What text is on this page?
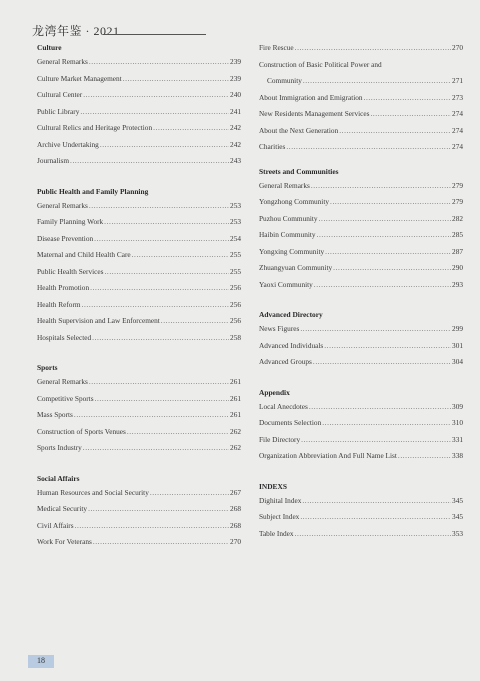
龙湾年鉴 · 2021
Culture
General Remarks .....	239
Culture Market Management .....	239
Cultural Center .....	240
Public Library .....	241
Cultural Relics and Heritage Protection .....	242
Archive Undertaking .....	242
Journalism .....	243
Public Health and Family Planning
General Remarks .....	253
Family Planning Work .....	253
Disease Prevention .....	254
Maternal and Child Health Care .....	255
Public Health Services .....	255
Health Promotion .....	256
Health Reform .....	256
Health Supervision and Law Enforcement .....	256
Hospitals Selected .....	258
Sports
General Remarks .....	261
Competitive Sports .....	261
Mass Sports .....	261
Construction of Sports Venues .....	262
Sports Industry .....	262
Social Affairs
Human Resources and Social Security .....	267
Medical Security .....	268
Civil Affairs .....	268
Work For Veterans .....	270
Fire Rescue .....	270
Construction of Basic Political Power and
Community .....	271
About Immigration and Emigration .....	273
New Residents Management Services .....	274
About the Next Generation .....	274
Charities .....	274
Streets and Communities
General Remarks .....	279
Yongzhong Community .....	279
Puzhou Community .....	282
Haibin Community .....	285
Yongxing Community .....	287
Zhuangyuan Community .....	290
Yaoxi Community .....	293
Advanced Directory
News Figures .....	299
Advanced Individuals .....	301
Advanced Groups .....	304
Appendix
Local Anecdotes .....	309
Documents Selection .....	310
File Directory .....	331
Organization Abbreviation And Full Name List .....	338
INDEXS
Dighital Index .....	345
Subject Index .....	345
Table Index .....	353
18
